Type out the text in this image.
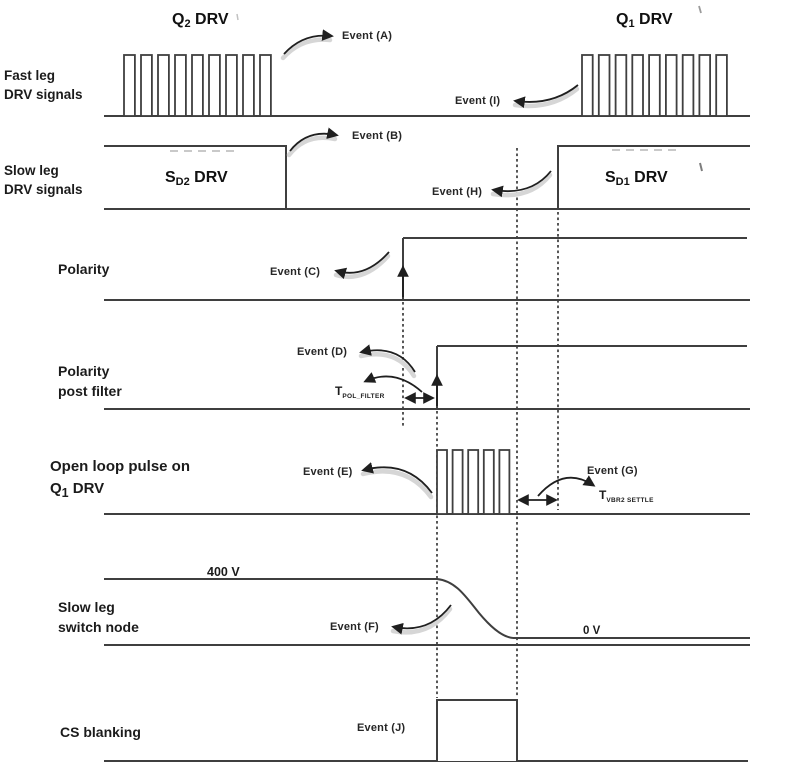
Fast leg
DRV signals
Slow leg
DRV signals
Polarity
Polarity
post filter
Open loop pulse on
$Q_1$ DRV
Slow leg
switch node
CS blanking
$Q_2$ DRV	$Q_1$ DRV
$S_{D2}$ DRV	$S_{D1}$ DRV
400 V
0 V
$T_{POL\_FILTER}$
$T_{VBR2 SETTLE}$
Event (A)
Event (B)
Event (C)
Event (D)
Event (E)
Event (F)
Event (G)
Event (H)
Event (I)
Event (J)
